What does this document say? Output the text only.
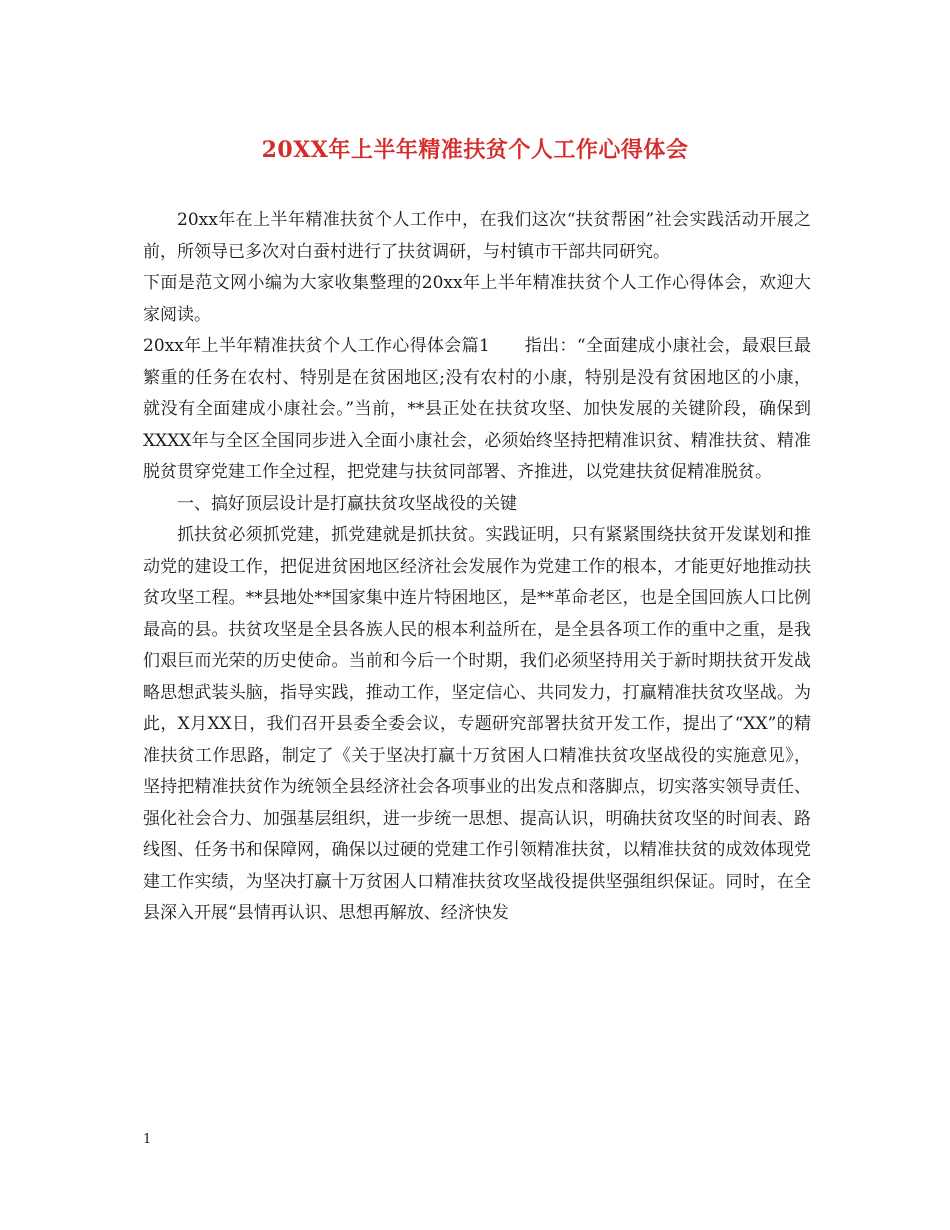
20XX年上半年精准扶贫个人工作心得体会

20xx年在上半年精准扶贫个人工作中，在我们这次“扶贫帮困”社会实践活动开展之前，所领导已多次对白蚕村进行了扶贫调研，与村镇市干部共同研究。

下面是范文网小编为大家收集整理的20xx年上半年精准扶贫个人工作心得体会，欢迎大家阅读。

20xx年上半年精准扶贫个人工作心得体会篇1　　指出：“全面建成小康社会，最艰巨最繁重的任务在农村、特别是在贫困地区;没有农村的小康，特别是没有贫困地区的小康，就没有全面建成小康社会。”当前，**县正处在扶贫攻坚、加快发展的关键阶段，确保到XXXX年与全区全国同步进入全面小康社会，必须始终坚持把精准识贫、精准扶贫、精准脱贫贯穿党建工作全过程，把党建与扶贫同部署、齐推进，以党建扶贫促精准脱贫。

一、搞好顶层设计是打赢扶贫攻坚战役的关键

抓扶贫必须抓党建，抓党建就是抓扶贫。实践证明，只有紧紧围绕扶贫开发谋划和推动党的建设工作，把促进贫困地区经济社会发展作为党建工作的根本，才能更好地推动扶贫攻坚工程。**县地处**国家集中连片特困地区，是**革命老区，也是全国回族人口比例最高的县。扶贫攻坚是全县各族人民的根本利益所在，是全县各项工作的重中之重，是我们艰巨而光荣的历史使命。当前和今后一个时期，我们必须坚持用关于新时期扶贫开发战略思想武装头脑，指导实践，推动工作，坚定信心、共同发力，打赢精准扶贫攻坚战。为此，X月XX日，我们召开县委全委会议，专题研究部署扶贫开发工作，提出了“XX”的精准扶贫工作思路，制定了《关于坚决打赢十万贫困人口精准扶贫攻坚战役的实施意见》，坚持把精准扶贫作为统领全县经济社会各项事业的出发点和落脚点，切实落实领导责任、强化社会合力、加强基层组织，进一步统一思想、提高认识，明确扶贫攻坚的时间表、路线图、任务书和保障网，确保以过硬的党建工作引领精准扶贫，以精准扶贫的成效体现党建工作实绩，为坚决打赢十万贫困人口精准扶贫攻坚战役提供坚强组织保证。同时，在全县深入开展“县情再认识、思想再解放、经济快发

1
